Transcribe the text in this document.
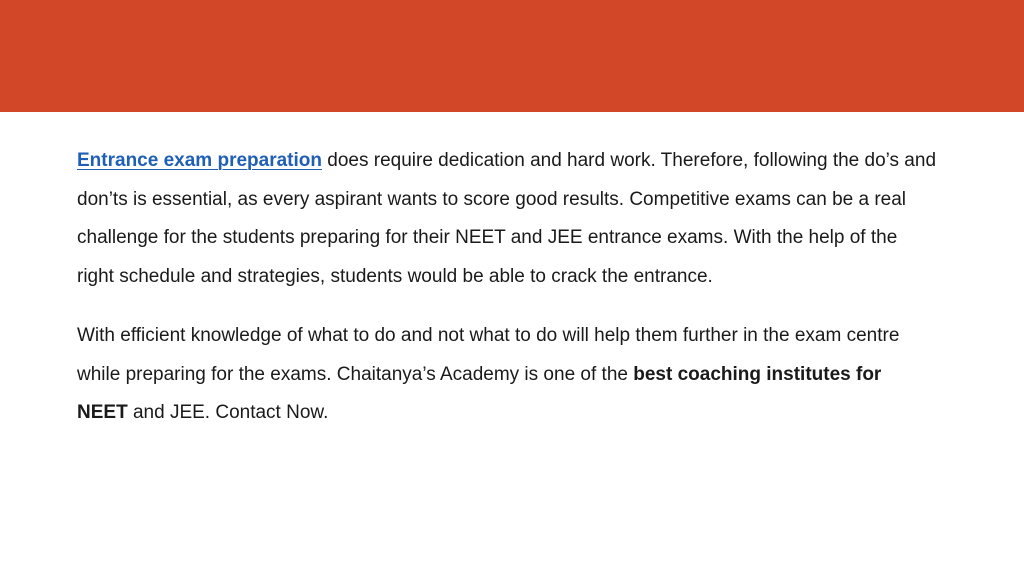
Entrance exam preparation does require dedication and hard work. Therefore, following the do’s and don’ts is essential, as every aspirant wants to score good results. Competitive exams can be a real challenge for the students preparing for their NEET and JEE entrance exams. With the help of the right schedule and strategies, students would be able to crack the entrance.

With efficient knowledge of what to do and not what to do will help them further in the exam centre while preparing for the exams. Chaitanya’s Academy is one of the best coaching institutes for NEET and JEE. Contact Now.
